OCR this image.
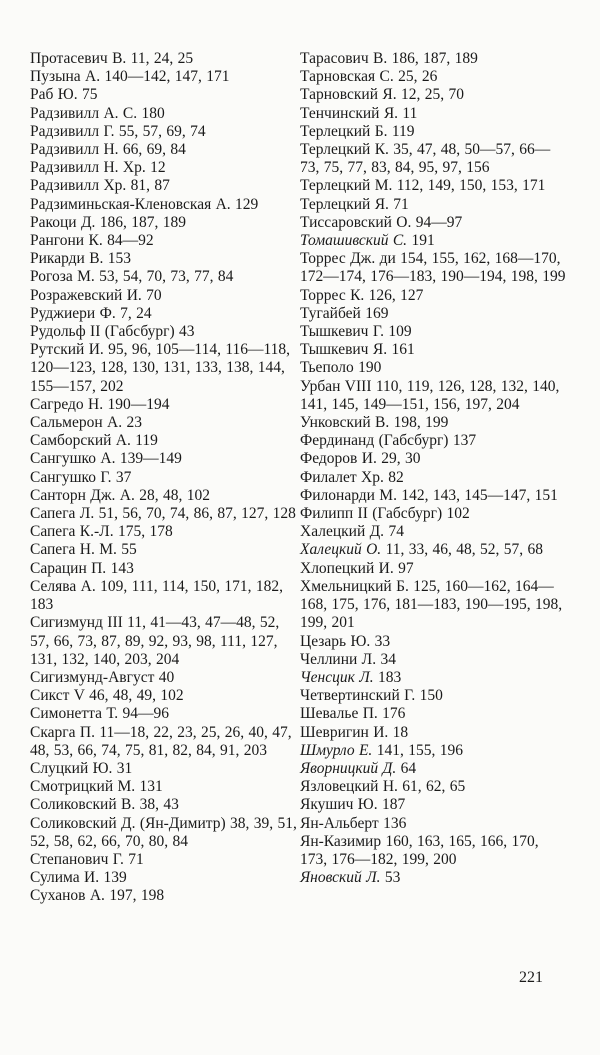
Протасевич В. 11, 24, 25
Пузына А. 140—142, 147, 171
Раб Ю. 75
Радзивилл А. С. 180
Радзивилл Г. 55, 57, 69, 74
Радзивилл Н. 66, 69, 84
Радзивилл Н. Хр. 12
Радзивилл Хр. 81, 87
Радзиминьская-Кленовская А. 129
Ракоци Д. 186, 187, 189
Рангони К. 84—92
Рикарди В. 153
Рогоза М. 53, 54, 70, 73, 77, 84
Розражевский И. 70
Руджиери Ф. 7, 24
Рудольф II (Габсбург) 43
Рутский И. 95, 96, 105—114, 116—118, 120—123, 128, 130, 131, 133, 138, 144, 155—157, 202
Сагредо Н. 190—194
Сальмерон А. 23
Самборский А. 119
Сангушко А. 139—149
Сангушко Г. 37
Санторн Дж. А. 28, 48, 102
Сапега Л. 51, 56, 70, 74, 86, 87, 127, 128
Сапега К.-Л. 175, 178
Сапега Н. М. 55
Сарацин П. 143
Селява А. 109, 111, 114, 150, 171, 182, 183
Сигизмунд III 11, 41—43, 47—48, 52, 57, 66, 73, 87, 89, 92, 93, 98, 111, 127, 131, 132, 140, 203, 204
Сигизмунд-Август 40
Сикст V 46, 48, 49, 102
Симонетта Т. 94—96
Скарга П. 11—18, 22, 23, 25, 26, 40, 47, 48, 53, 66, 74, 75, 81, 82, 84, 91, 203
Слуцкий Ю. 31
Смотрицкий М. 131
Соликовский В. 38, 43
Соликовский Д. (Ян-Димитр) 38, 39, 51, 52, 58, 62, 66, 70, 80, 84
Степанович Г. 71
Сулима И. 139
Суханов А. 197, 198
Тарасович В. 186, 187, 189
Тарновская С. 25, 26
Тарновский Я. 12, 25, 70
Тенчинский Я. 11
Терлецкий Б. 119
Терлецкий К. 35, 47, 48, 50—57, 66—73, 75, 77, 83, 84, 95, 97, 156
Терлецкий М. 112, 149, 150, 153, 171
Терлецкий Я. 71
Тиссаровский О. 94—97
Томашивский С. 191
Торрес Дж. ди 154, 155, 162, 168—170, 172—174, 176—183, 190—194, 198, 199
Торрес К. 126, 127
Тугайбей 169
Тышкевич Г. 109
Тышкевич Я. 161
Тьеполо 190
Урбан VIII 110, 119, 126, 128, 132, 140, 141, 145, 149—151, 156, 197, 204
Унковский В. 198, 199
Фердинанд (Габсбург) 137
Федоров И. 29, 30
Филалет Хр. 82
Филонарди М. 142, 143, 145—147, 151
Филипп II (Габсбург) 102
Халецкий Д. 74
Халецкий О. 11, 33, 46, 48, 52, 57, 68
Хлопецкий И. 97
Хмельницкий Б. 125, 160—162, 164—168, 175, 176, 181—183, 190—195, 198, 199, 201
Цезарь Ю. 33
Челлини Л. 34
Ченсцик Л. 183
Четвертинский Г. 150
Шевалье П. 176
Шевригин И. 18
Шмурло Е. 141, 155, 196
Яворницкий Д. 64
Язловецкий Н. 61, 62, 65
Якушич Ю. 187
Ян-Альберт 136
Ян-Казимир 160, 163, 165, 166, 170, 173, 176—182, 199, 200
Яновский Л. 53
221
